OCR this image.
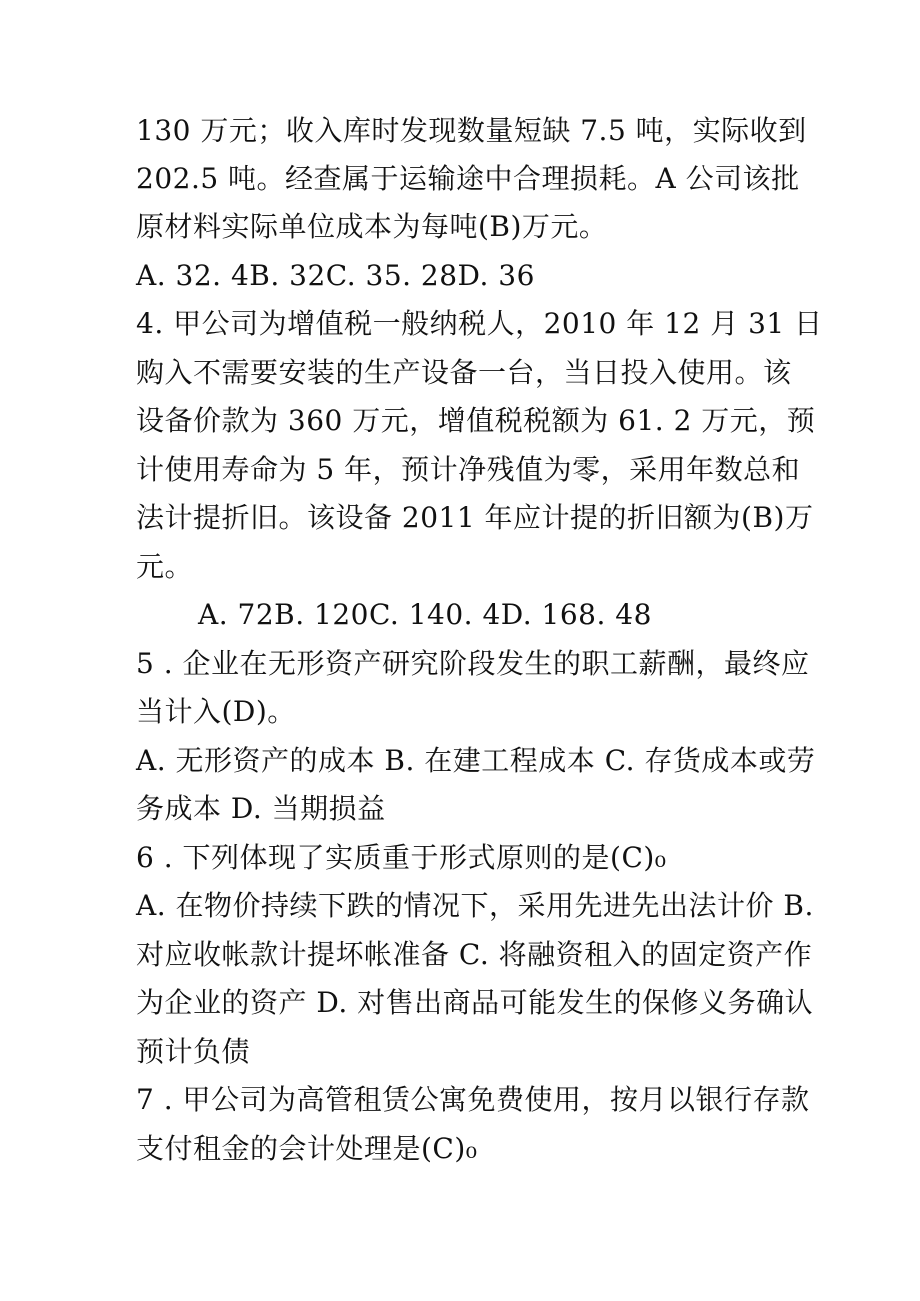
130 万元；收入库时发现数量短缺 7.5 吨，实际收到
202.5 吨。经查属于运输途中合理损耗。A 公司该批
原材料实际单位成本为每吨(B)万元。
A. 32. 4B. 32C. 35. 28D. 36
4. 甲公司为增值税一般纳税人，2010 年 12 月 31 日
购入不需要安装的生产设备一台，当日投入使用。该
设备价款为 360 万元，增值税税额为 61. 2 万元，预
计使用寿命为 5 年，预计净残值为零，采用年数总和
法计提折旧。该设备 2011 年应计提的折旧额为(B)万
元。
A. 72B. 120C. 140. 4D. 168. 48
5 . 企业在无形资产研究阶段发生的职工薪酬，最终应
当计入(D)。
A. 无形资产的成本 B. 在建工程成本 C. 存货成本或劳
务成本 D. 当期损益
6 . 下列体现了实质重于形式原则的是(C)₀
A. 在物价持续下跌的情况下，采用先进先出法计价 B.
对应收帐款计提坏帐准备 C. 将融资租入的固定资产作
为企业的资产 D. 对售出商品可能发生的保修义务确认
预计负债
7 . 甲公司为高管租赁公寓免费使用，按月以银行存款
支付租金的会计处理是(C)₀
